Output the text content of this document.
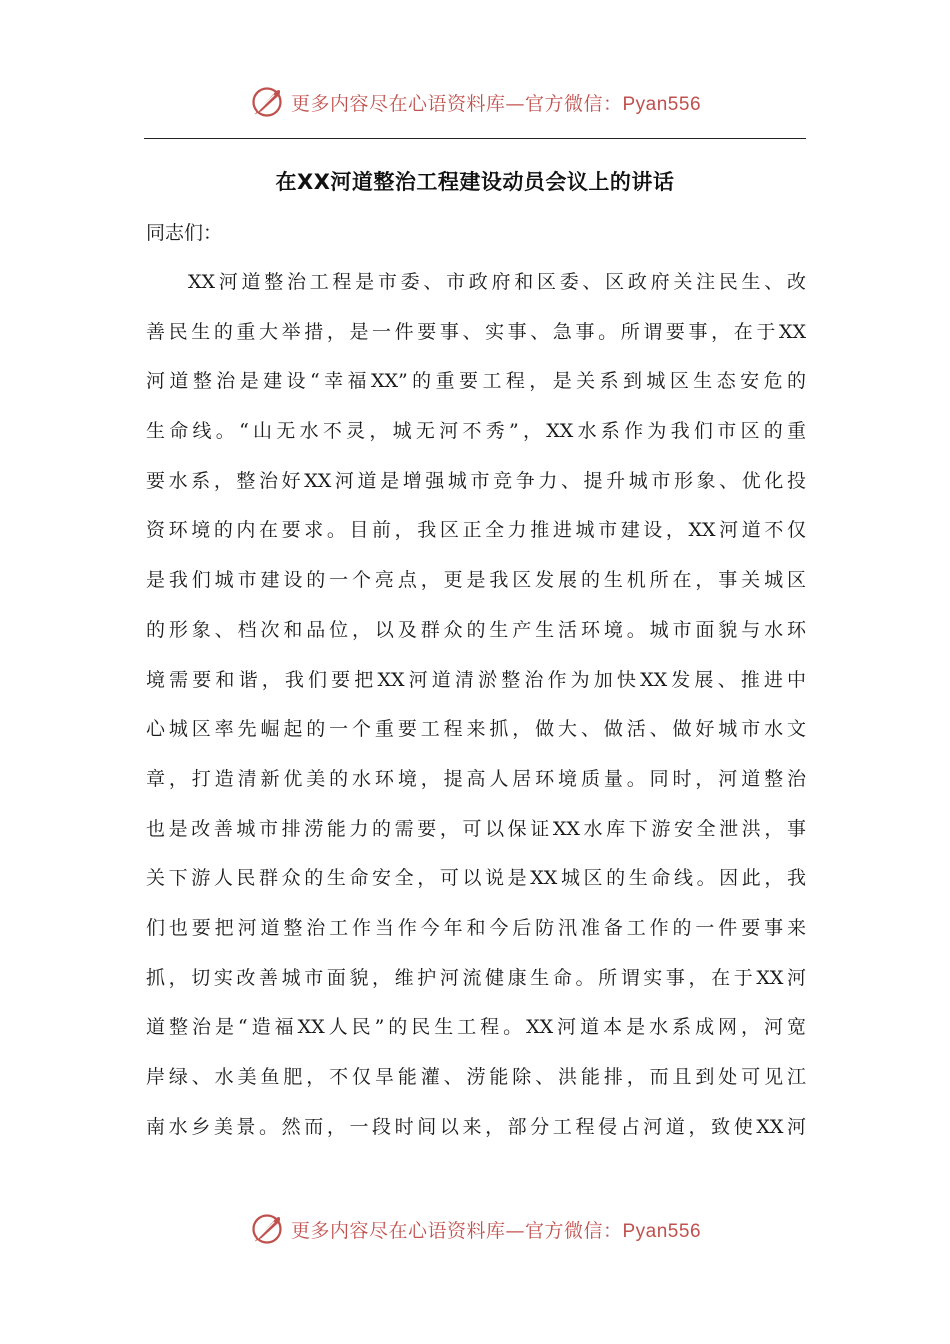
更多内容尽在心语资料库—官方微信：Pyan556
在XX河道整治工程建设动员会议上的讲话

同志们：

XX河道整治工程是市委、市政府和区委、区政府关注民生、改
善民生的重大举措，是一件要事、实事、急事。所谓要事，在于XX
河道整治是建设“幸福XX”的重要工程，是关系到城区生态安危的
生命线。“山无水不灵，城无河不秀”，XX水系作为我们市区的重
要水系，整治好XX河道是增强城市竞争力、提升城市形象、优化投
资环境的内在要求。目前，我区正全力推进城市建设，XX河道不仅
是我们城市建设的一个亮点，更是我区发展的生机所在，事关城区
的形象、档次和品位，以及群众的生产生活环境。城市面貌与水环
境需要和谐，我们要把XX河道清淤整治作为加快XX发展、推进中
心城区率先崛起的一个重要工程来抓，做大、做活、做好城市水文
章，打造清新优美的水环境，提高人居环境质量。同时，河道整治
也是改善城市排涝能力的需要，可以保证XX水库下游安全泄洪，事
关下游人民群众的生命安全，可以说是XX城区的生命线。因此，我
们也要把河道整治工作当作今年和今后防汛准备工作的一件要事来
抓，切实改善城市面貌，维护河流健康生命。所谓实事，在于XX河
道整治是“造福XX人民”的民生工程。XX河道本是水系成网，河宽
岸绿、水美鱼肥，不仅旱能灌、涝能除、洪能排，而且到处可见江
南水乡美景。然而，一段时间以来，部分工程侵占河道，致使XX河
更多内容尽在心语资料库—官方微信：Pyan556
